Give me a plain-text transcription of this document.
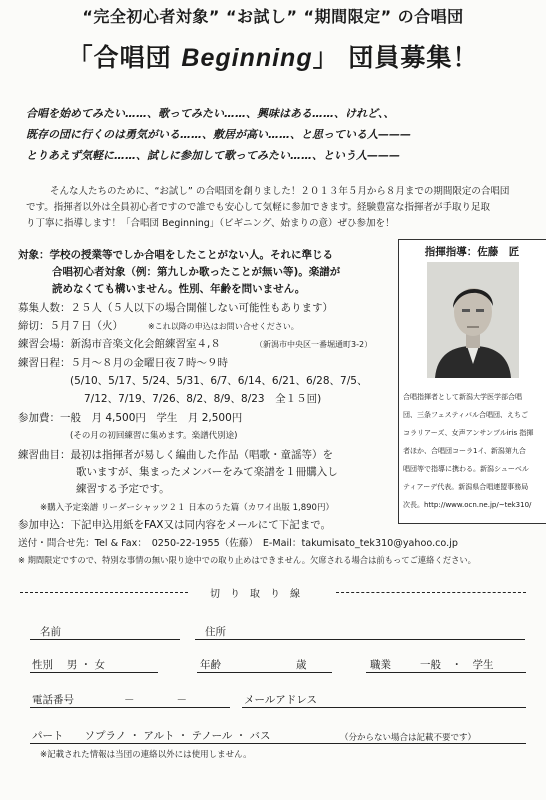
“完全初心者対象” “お試し” “期間限定” の合唱団
「合唱団 Beginning」 団員募集！
合唱を始めてみたい……、歌ってみたい……、興味はある……、けれど、、
既存の団に行くのは勇気がいる……、敷居が高い……、と思っている人———
とりあえず気軽に……、試しに参加して歌ってみたい……、という人———
そんな人たちのために、“お試し” の合唱団を創りました！２０１３年５月から８月までの期間限定の合唱団
です。指揮者以外は全員初心者ですので誰でも安心して気軽に参加できます。経験豊富な指揮者が手取り足取
り丁寧に指導します！「合唱団 Beginning」（ビギニング、始まりの意）ぜひ参加を！
対象：学校の授業等でしか合唱をしたことがない人。それに準じる
合唱初心者対象（例：第九しか歌ったことが無い等)。楽譜が
読めなくても構いません。性別、年齢を問いません。
募集人数：２５人（５人以下の場合開催しない可能性もあります）
締切：５月７日（火）	※これ以降の申込はお問い合せください。
練習会場：新潟市音楽文化会館練習室４,８	（新潟市中央区一番堀通町3-2）
練習日程：５月～８月の金曜日夜７時～９時
(5/10、5/17、5/24、5/31、6/7、6/14、6/21、6/28、7/5、
7/12、7/19、7/26、8/2、8/9、8/23　全１５回)
参加費：一般　月 4,500円　学生　月 2,500円
(その月の初回練習に集めます。楽譜代別途)
練習曲目：最初は指揮者が易しく編曲した作品（唱歌・童謡等）を
歌いますが、集まったメンバーをみて楽譜を１冊購入し
練習する予定です。
※購入予定楽譜 リーダーシャッツ２１ 日本のうた篇（カワイ出版 1,890円）
参加申込：下記申込用紙をFAX又は同内容をメールにて下記まで。
送付・問合せ先：Tel & Fax：　0250-22-1955（佐藤）　E-Mail：takumisato_tek310@yahoo.co.jp
※ 期間限定ですので、特別な事情の無い限り途中での取り止めはできません。欠席される場合は前もってご連絡ください。
指揮指導：佐藤　匠
合唱指揮者として新潟大学医学部合唱
団、三条フェスティバル合唱団、えちご
コラリアーズ、女声アンサンブルiris 指揮
者ほか、合唱団コーラ1イ、新潟第九合
唱団等で指導に携わる。新潟シューベル
ティアーデ代表。新潟県合唱連盟事務局
次長。http://www.ocn.ne.jp/~tek310/
切　り　取　り　線
名前	住所
性別　 男 ・ 女	年齢	歳	職業	一般　・　学生
電話番号	－　　　　－	メールアドレス
パート　　ソプラノ ・ アルト ・ テノール ・ バス	（分からない場合は記載不要です）
※記載された情報は当団の連絡以外には使用しません。
